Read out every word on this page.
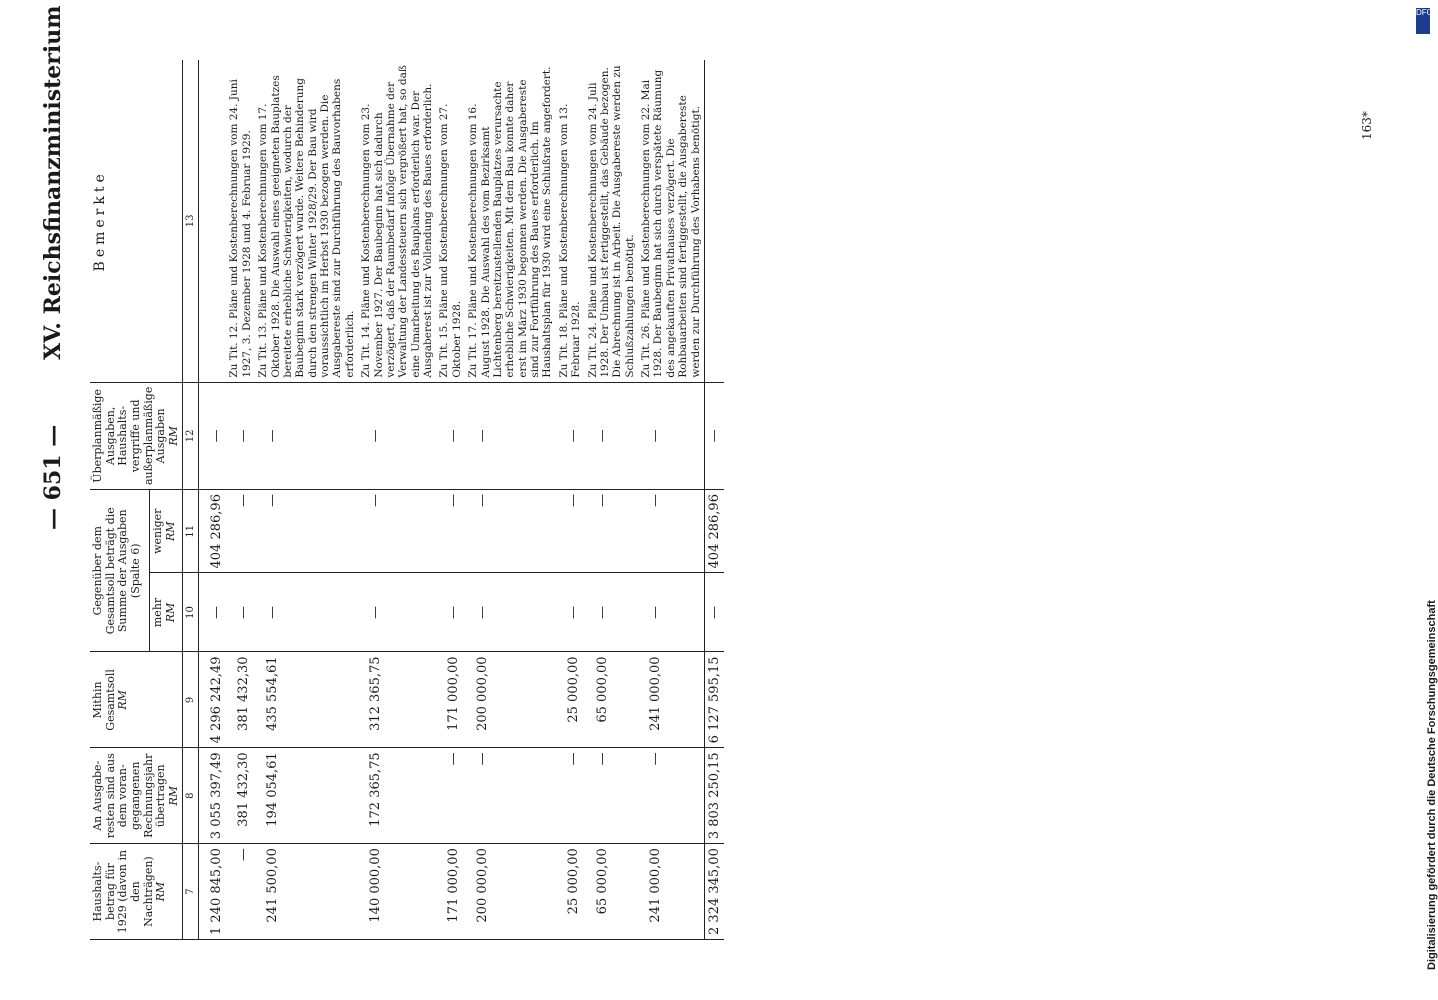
— 651 —
XV. Reichsfinanzministerium
Haushaltsbetrag für 1929 (davon in den Nachträgen)
RM	An Ausgaberesten sind aus dem vorangegangenen Rechnungsjahr übertragen
RM	Mithin Gesamtsoll
RM	Gegenüber dem Gesamtsoll beträgt die Summe der Ausgaben (Spalte 6)		Überplanmäßige Ausgaben, Haushaltsvergriffe und außerplanmäßige Ausgaben
RM	Bemerkte
			mehr
RM	weniger
RM		
7	8	9	10	11	12	13
1 240 845,00	3 055 397,49	4 296 242,49	—	404 286,96	—	
—	381 432,30	381 432,30	—	—	—	Zu Tit. 12. Pläne und Kostenberechnungen vom 24. Juni 1927, 3. Dezember 1928 und 4. Februar 1929.
241 500,00	194 054,61	435 554,61	—	—	—	Zu Tit. 13. Pläne und Kostenberechnungen vom 17. Oktober 1928. Die Auswahl eines geeigneten Bauplatzes bereitete erhebliche Schwierigkeiten, wodurch der Baubeginn stark verzögert wurde. Weitere Behinderung durch den strengen Winter 1928/29. Der Bau wird voraussichtlich im Herbst 1930 bezogen werden. Die Ausgabereste sind zur Durchführung des Bauvorhabens erforderlich.
140 000,00	172 365,75	312 365,75	—	—	—	Zu Tit. 14. Pläne und Kostenberechnungen vom 23. November 1927. Der Baubeginn hat sich dadurch verzögert, daß der Raumbedarf infolge Übernahme der Verwaltung der Landessteuern sich vergrößert hat, so daß eine Umarbeitung des Bauplans erforderlich war. Der Ausgaberest ist zur Vollendung des Baues erforderlich.
171 000,00	—	171 000,00	—	—	—	Zu Tit. 15. Pläne und Kostenberechnungen vom 27. Oktober 1928.
200 000,00	—	200 000,00	—	—	—	Zu Tit. 17. Pläne und Kostenberechnungen vom 16. August 1928. Die Auswahl des vom Bezirksamt Lichtenberg bereitzustellenden Bauplatzes verursachte erhebliche Schwierigkeiten. Mit dem Bau konnte daher erst im März 1930 begonnen werden. Die Ausgabereste sind zur Fortführung des Baues erforderlich. Im Haushaltsplan für 1930 wird eine Schlußrate angefordert.
25 000,00	—	25 000,00	—	—	—	Zu Tit. 18. Pläne und Kostenberechnungen vom 13. Februar 1928.
65 000,00	—	65 000,00	—	—	—	Zu Tit. 24. Pläne und Kostenberechnungen vom 24. Juli 1928. Der Umbau ist fertiggestellt, das Gebäude bezogen. Die Abrechnung ist in Arbeit. Die Ausgabereste werden zu Schlußzahlungen benötigt.
241 000,00	—	241 000,00	—	—	—	Zu Tit. 26. Pläne und Kostenberechnungen vom 22. Mai 1928. Der Baubeginn hat sich durch verspätete Räumung des angekauften Privathauses verzögert. Die Rohbauarbeiten sind fertiggestellt, die Ausgabereste werden zur Durchführung des Vorhabens benötigt.
2 324 345,00	3 803 250,15	6 127 595,15	—	404 286,96	—	
163*
DFG
Digitalisierung gefördert durch die Deutsche Forschungsgemeinschaft
